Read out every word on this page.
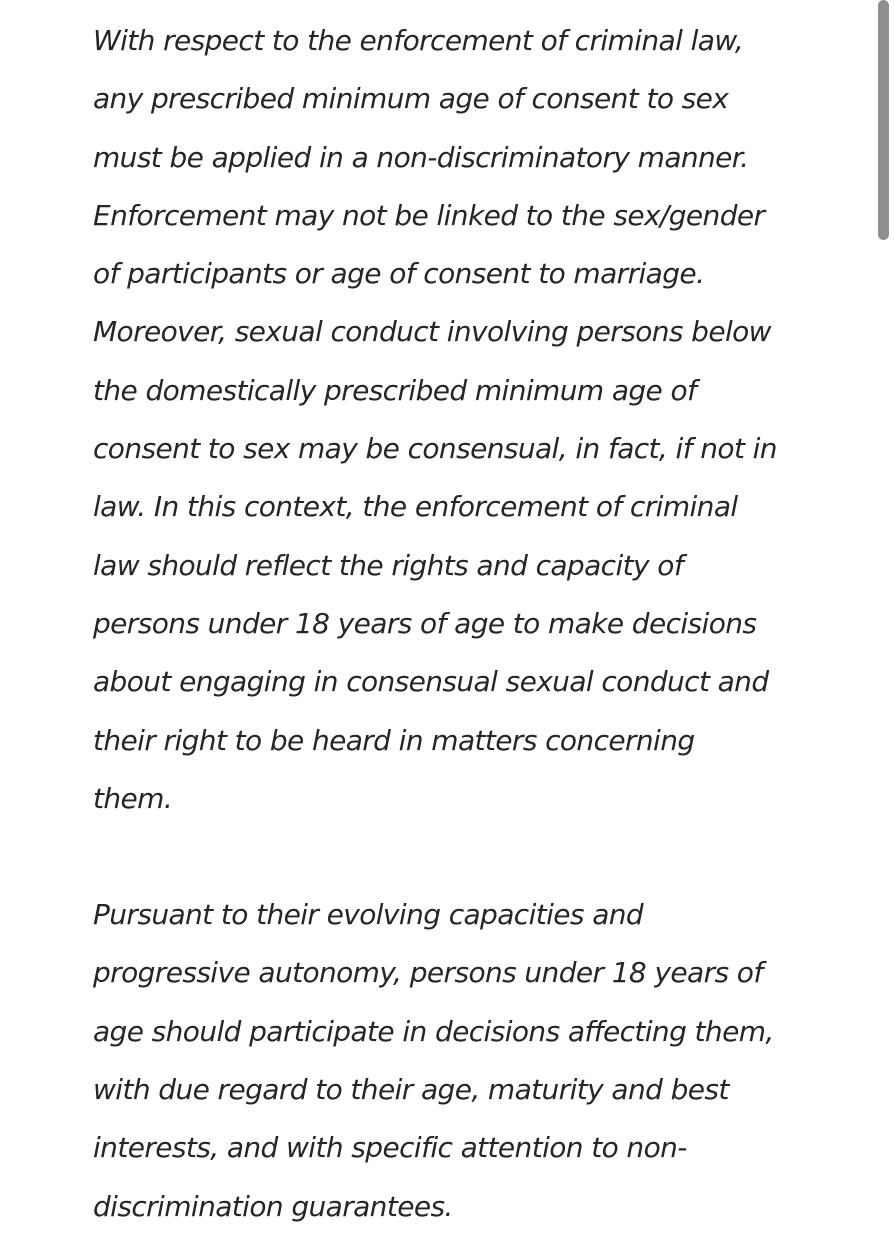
With respect to the enforcement of criminal law,
any prescribed minimum age of consent to sex
must be applied in a non-discriminatory manner.
Enforcement may not be linked to the sex/gender
of participants or age of consent to marriage.
Moreover, sexual conduct involving persons below
the domestically prescribed minimum age of
consent to sex may be consensual, in fact, if not in
law. In this context, the enforcement of criminal
law should reflect the rights and capacity of
persons under 18 years of age to make decisions
about engaging in consensual sexual conduct and
their right to be heard in matters concerning
them.

Pursuant to their evolving capacities and
progressive autonomy, persons under 18 years of
age should participate in decisions affecting them,
with due regard to their age, maturity and best
interests, and with specific attention to non-
discrimination guarantees.
